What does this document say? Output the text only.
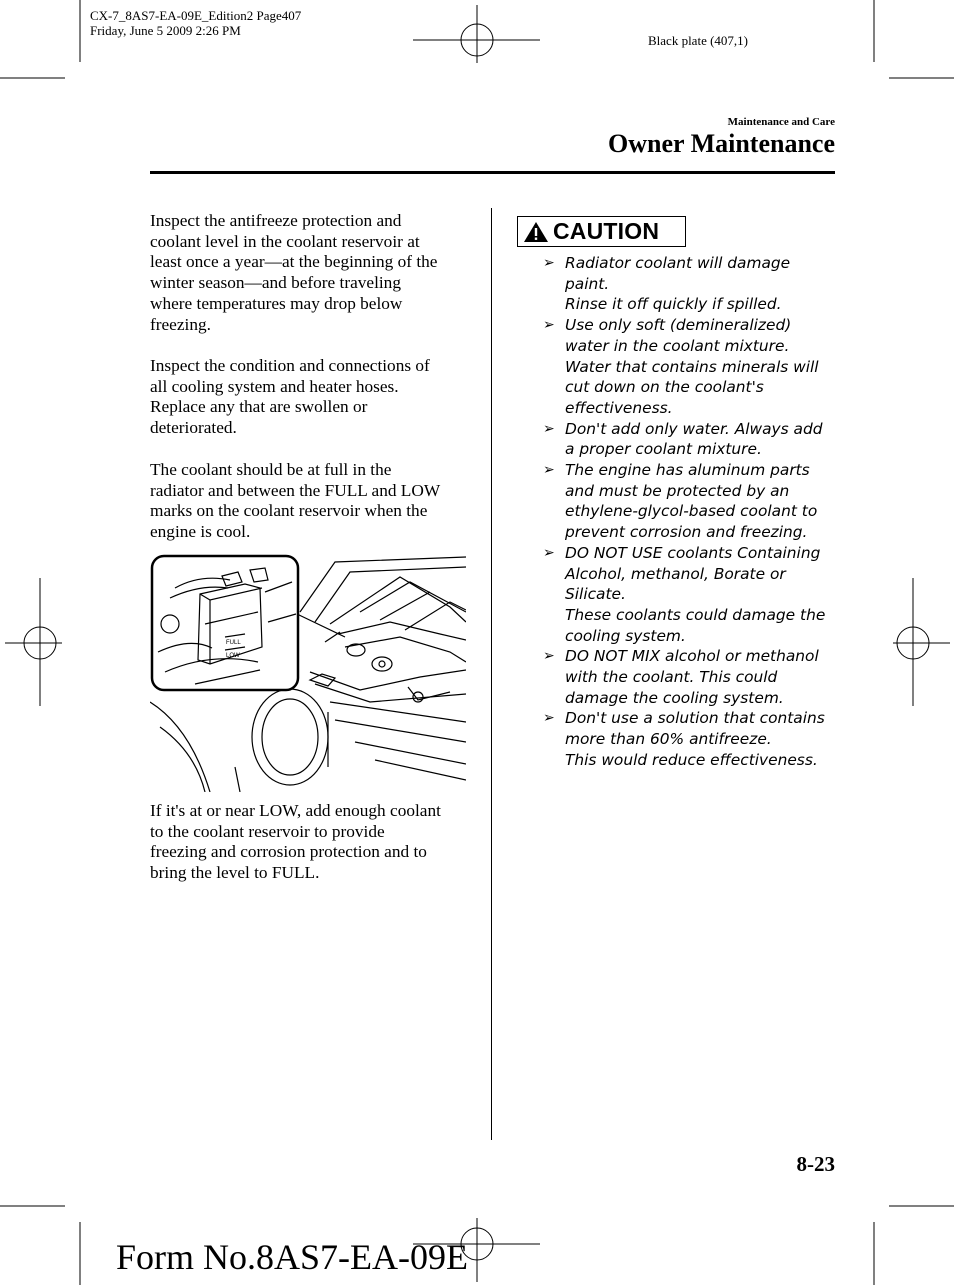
CX-7_8AS7-EA-09E_Edition2 Page407
Friday, June 5 2009 2:26 PM
Black plate (407,1)
Maintenance and Care
Owner Maintenance
Inspect the antifreeze protection and
coolant level in the coolant reservoir at
least once a year―at the beginning of the
winter season―and before traveling
where temperatures may drop below
freezing.
Inspect the condition and connections of
all cooling system and heater hoses.
Replace any that are swollen or
deteriorated.
The coolant should be at full in the
radiator and between the FULL and LOW
marks on the coolant reservoir when the
engine is cool.
FULL
LOW
If it's at or near LOW, add enough coolant
to the coolant reservoir to provide
freezing and corrosion protection and to
bring the level to FULL.
CAUTION
➢ Radiator coolant will damage
paint.
Rinse it off quickly if spilled.
➢ Use only soft (demineralized)
water in the coolant mixture.
Water that contains minerals will
cut down on the coolant's
effectiveness.
➢ Don't add only water. Always add
a proper coolant mixture.
➢ The engine has aluminum parts
and must be protected by an
ethylene-glycol-based coolant to
prevent corrosion and freezing.
➢ DO NOT USE coolants Containing
Alcohol, methanol, Borate or
Silicate.
These coolants could damage the
cooling system.
➢ DO NOT MIX alcohol or methanol
with the coolant. This could
damage the cooling system.
➢ Don't use a solution that contains
more than 60% antifreeze.
This would reduce effectiveness.
8-23
Form No.8AS7-EA-09E
